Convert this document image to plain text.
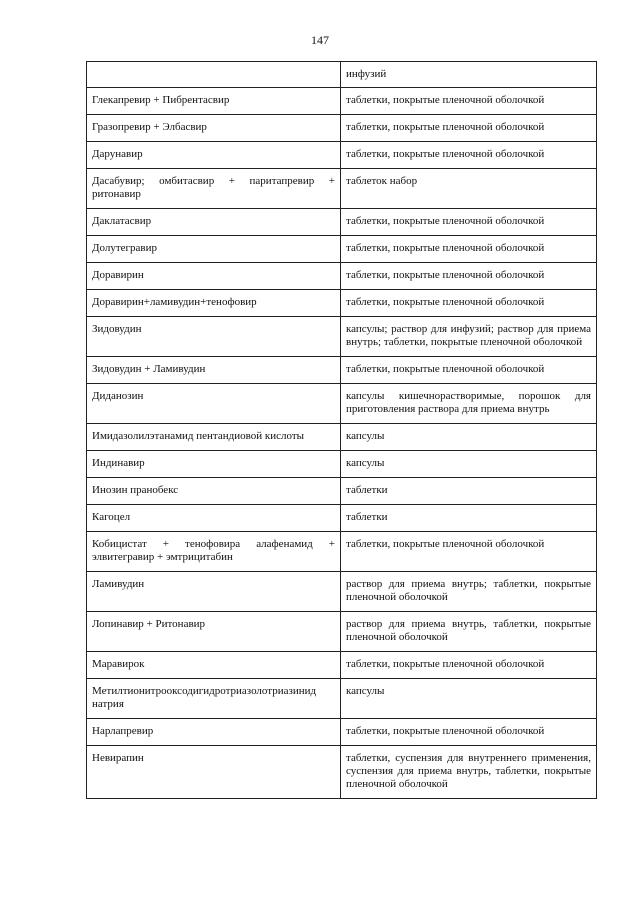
147
	инфузий
Глекапревир + Пибрентасвир	таблетки, покрытые пленочной оболочкой
Гразопревир + Элбасвир	таблетки, покрытые пленочной оболочкой
Дарунавир	таблетки, покрытые пленочной оболочкой
Дасабувир; омбитасвир + паритапревир + ритонавир	таблеток набор
Даклатасвир	таблетки, покрытые пленочной оболочкой
Долутегравир	таблетки, покрытые пленочной оболочкой
Доравирин	таблетки, покрытые пленочной оболочкой
Доравирин+ламивудин+тенофовир	таблетки, покрытые пленочной оболочкой
Зидовудин	капсулы; раствор для инфузий; раствор для приема внутрь; таблетки, покрытые пленочной оболочкой
Зидовудин + Ламивудин	таблетки, покрытые пленочной оболочкой
Диданозин	капсулы кишечнорастворимые, порошок для приготовления раствора для приема внутрь
Имидазолилэтанамид пентандиовой кислоты	капсулы
Индинавир	капсулы
Инозин пранобекс	таблетки
Кагоцел	таблетки
Кобицистат + тенофовира алафенамид + элвитегравир + эмтрицитабин	таблетки, покрытые пленочной оболочкой
Ламивудин	раствор для приема внутрь; таблетки, покрытые пленочной оболочкой
Лопинавир + Ритонавир	раствор для приема внутрь, таблетки, покрытые пленочной оболочкой
Маравирок	таблетки, покрытые пленочной оболочкой
Метилтионитрооксодигидротриазолотриазинид натрия	капсулы
Нарлапревир	таблетки, покрытые пленочной оболочкой
Невирапин	таблетки, суспензия для внутреннего применения, суспензия для приема внутрь, таблетки, покрытые пленочной оболочкой
